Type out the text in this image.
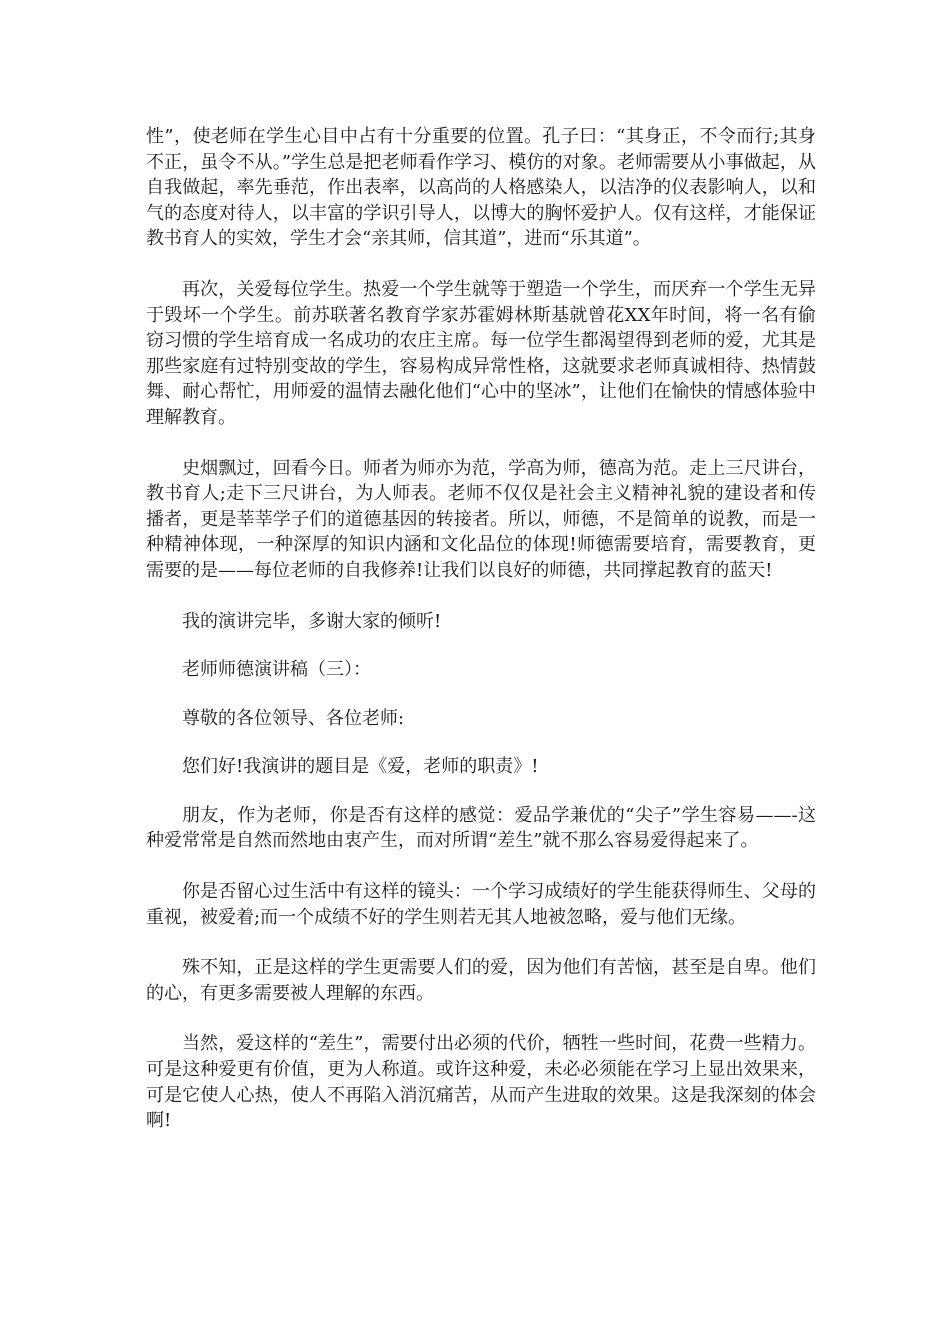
性”，使老师在学生心目中占有十分重要的位置。孔子曰：“其身正，不令而行;其身不正，虽令不从。”学生总是把老师看作学习、模仿的对象。老师需要从小事做起，从自我做起，率先垂范，作出表率，以高尚的人格感染人，以洁净的仪表影响人，以和气的态度对待人，以丰富的学识引导人，以博大的胸怀爱护人。仅有这样，才能保证教书育人的实效，学生才会“亲其师，信其道”，进而“乐其道”。

再次，关爱每位学生。热爱一个学生就等于塑造一个学生，而厌弃一个学生无异于毁坏一个学生。前苏联著名教育学家苏霍姆林斯基就曾花XX年时间，将一名有偷窃习惯的学生培育成一名成功的农庄主席。每一位学生都渴望得到老师的爱，尤其是那些家庭有过特别变故的学生，容易构成异常性格，这就要求老师真诚相待、热情鼓舞、耐心帮忙，用师爱的温情去融化他们“心中的坚冰”，让他们在愉快的情感体验中理解教育。

史烟飘过，回看今日。师者为师亦为范，学高为师，德高为范。走上三尺讲台，教书育人;走下三尺讲台，为人师表。老师不仅仅是社会主义精神礼貌的建设者和传播者，更是莘莘学子们的道德基因的转接者。所以，师德，不是简单的说教，而是一种精神体现，一种深厚的知识内涵和文化品位的体现!师德需要培育，需要教育，更需要的是——每位老师的自我修养!让我们以良好的师德，共同撑起教育的蓝天!

我的演讲完毕，多谢大家的倾听!

老师师德演讲稿（三）：

尊敬的各位领导、各位老师:

您们好!我演讲的题目是《爱，老师的职责》!

朋友，作为老师，你是否有这样的感觉：爱品学兼优的“尖子”学生容易——-这种爱常常是自然而然地由衷产生，而对所谓“差生”就不那么容易爱得起来了。

你是否留心过生活中有这样的镜头：一个学习成绩好的学生能获得师生、父母的重视，被爱着;而一个成绩不好的学生则若无其人地被忽略，爱与他们无缘。

殊不知，正是这样的学生更需要人们的爱，因为他们有苦恼，甚至是自卑。他们的心，有更多需要被人理解的东西。

当然，爱这样的“差生”，需要付出必须的代价，牺牲一些时间，花费一些精力。可是这种爱更有价值，更为人称道。或许这种爱，未必必须能在学习上显出效果来，可是它使人心热，使人不再陷入消沉痛苦，从而产生进取的效果。这是我深刻的体会啊!
